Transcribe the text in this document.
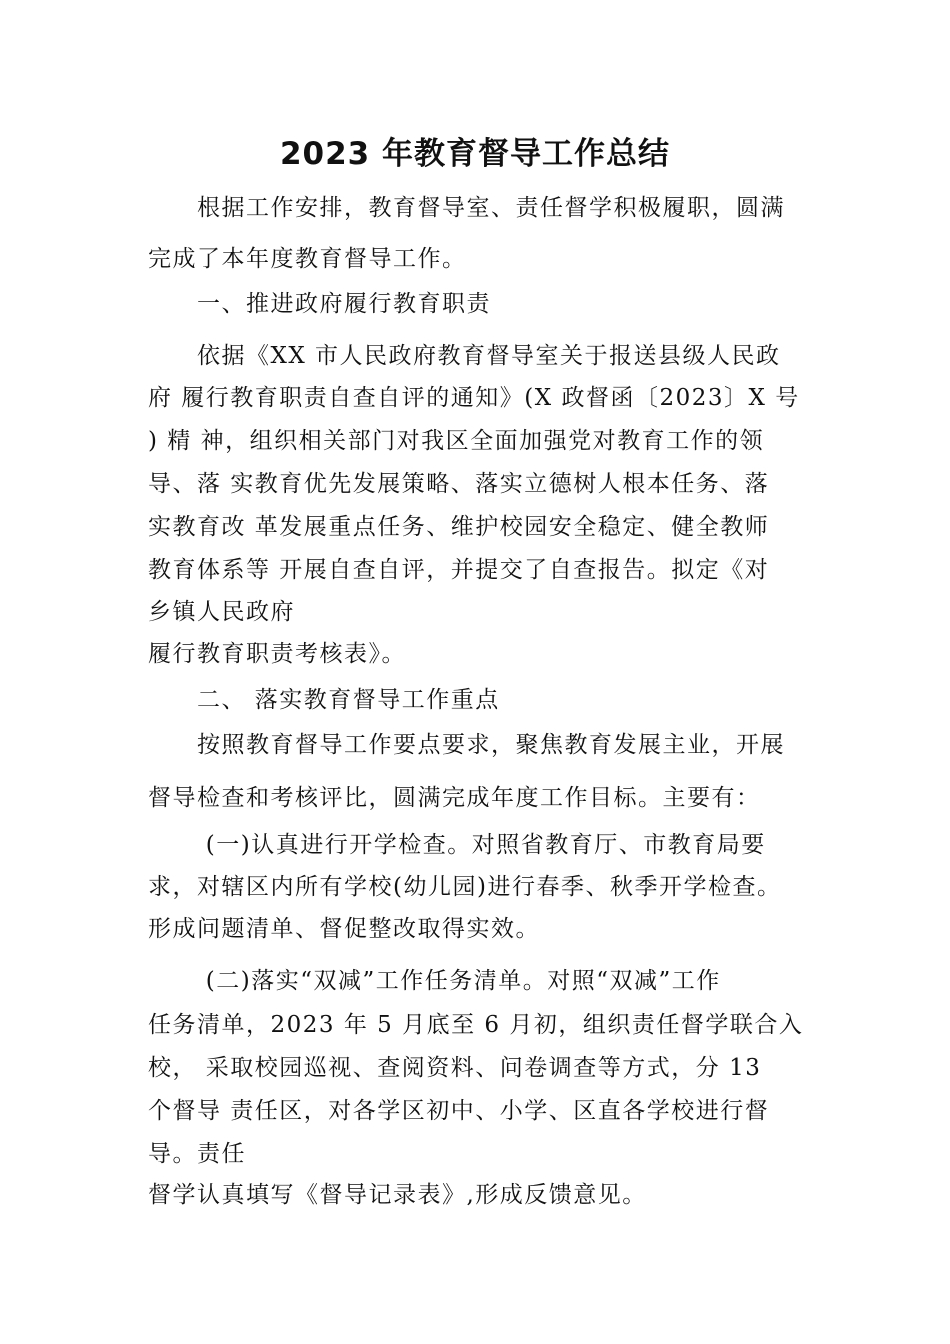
2023 年教育督导工作总结
　　根据工作安排，教育督导室、责任督学积极履职，圆满
完成了本年度教育督导工作。
　　一、推进政府履行教育职责
　　依据《XX 市人民政府教育督导室关于报送县级人民政
府 履行教育职责自查自评的通知》(X 政督函〔2023〕X 号
) 精 神，组织相关部门对我区全面加强党对教育工作的领
导、落 实教育优先发展策略、落实立德树人根本任务、落
实教育改 革发展重点任务、维护校园安全稳定、健全教师
教育体系等 开展自查自评，并提交了自查报告。拟定《对
乡镇人民政府
履行教育职责考核表》。
　　二、 落实教育督导工作重点
　　按照教育督导工作要点要求，聚焦教育发展主业，开展
督导检查和考核评比，圆满完成年度工作目标。主要有：
　　 (一)认真进行开学检查。对照省教育厅、市教育局要
求，对辖区内所有学校(幼儿园)进行春季、秋季开学检查。
形成问题清单、督促整改取得实效。
　　 (二)落实“双减”工作任务清单。对照“双减”工作
任务清单，2023 年 5 月底至 6 月初，组织责任督学联合入
校， 采取校园巡视、查阅资料、问卷调查等方式，分 13
个督导 责任区，对各学区初中、小学、区直各学校进行督
导。责任
督学认真填写《督导记录表》,形成反馈意见。
